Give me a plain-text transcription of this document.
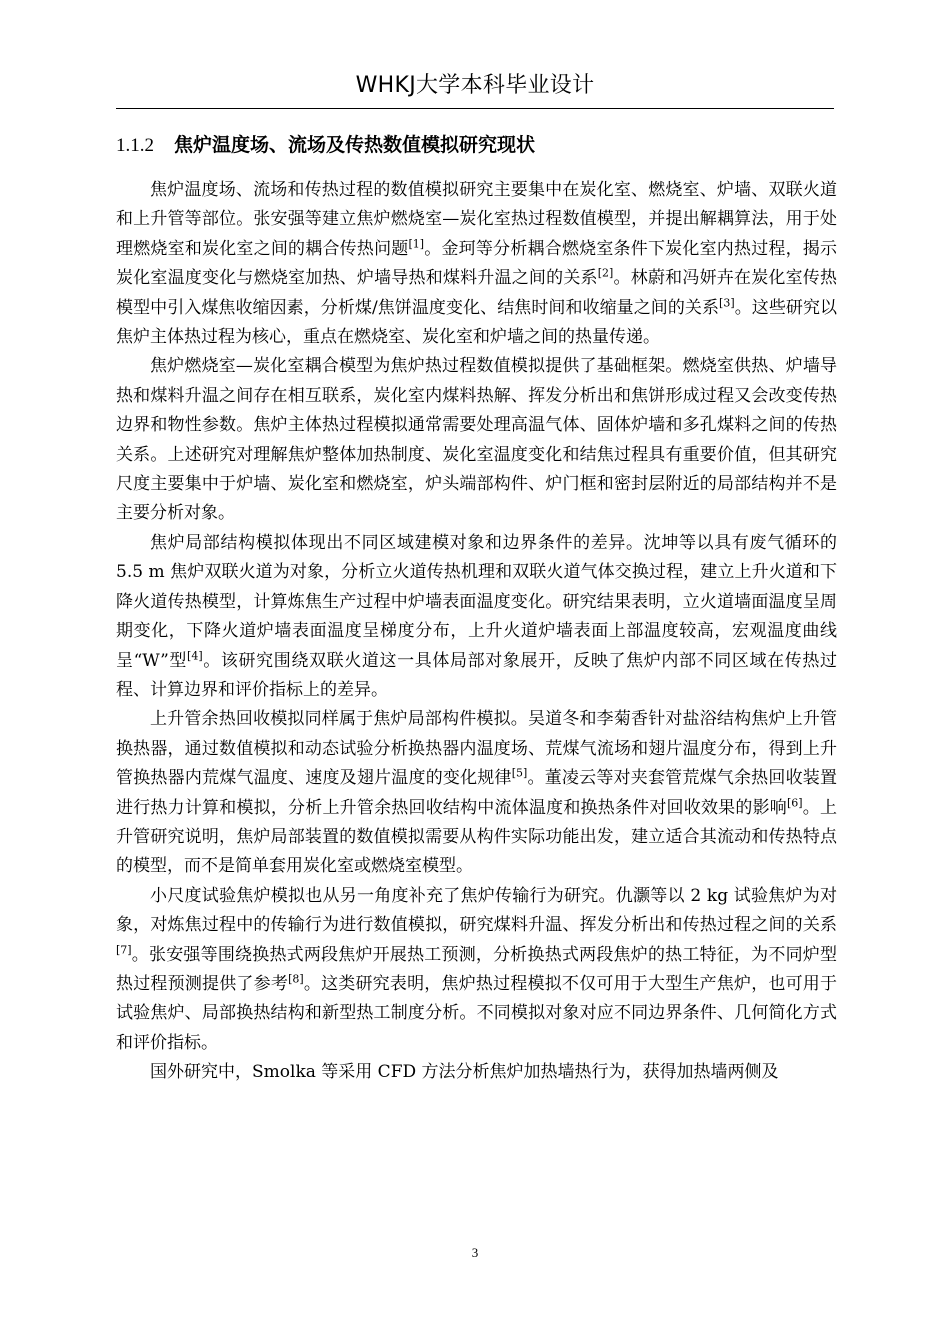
WHKJ大学本科毕业设计
1.1.2 焦炉温度场、流场及传热数值模拟研究现状

焦炉温度场、流场和传热过程的数值模拟研究主要集中在炭化室、燃烧室、炉墙、双联火道和上升管等部位。张安强等建立焦炉燃烧室—炭化室热过程数值模型，并提出解耦算法，用于处理燃烧室和炭化室之间的耦合传热问题[1]。金珂等分析耦合燃烧室条件下炭化室内热过程，揭示炭化室温度变化与燃烧室加热、炉墙导热和煤料升温之间的关系[2]。林蔚和冯妍卉在炭化室传热模型中引入煤焦收缩因素，分析煤/焦饼温度变化、结焦时间和收缩量之间的关系[3]。这些研究以焦炉主体热过程为核心，重点在燃烧室、炭化室和炉墙之间的热量传递。

焦炉燃烧室—炭化室耦合模型为焦炉热过程数值模拟提供了基础框架。燃烧室供热、炉墙导热和煤料升温之间存在相互联系，炭化室内煤料热解、挥发分析出和焦饼形成过程又会改变传热边界和物性参数。焦炉主体热过程模拟通常需要处理高温气体、固体炉墙和多孔煤料之间的传热关系。上述研究对理解焦炉整体加热制度、炭化室温度变化和结焦过程具有重要价值，但其研究尺度主要集中于炉墙、炭化室和燃烧室，炉头端部构件、炉门框和密封层附近的局部结构并不是主要分析对象。

焦炉局部结构模拟体现出不同区域建模对象和边界条件的差异。沈坤等以具有废气循环的 5.5 m 焦炉双联火道为对象，分析立火道传热机理和双联火道气体交换过程，建立上升火道和下降火道传热模型，计算炼焦生产过程中炉墙表面温度变化。研究结果表明，立火道墙面温度呈周期变化，下降火道炉墙表面温度呈梯度分布，上升火道炉墙表面上部温度较高，宏观温度曲线呈“W”型[4]。该研究围绕双联火道这一具体局部对象展开，反映了焦炉内部不同区域在传热过程、计算边界和评价指标上的差异。

上升管余热回收模拟同样属于焦炉局部构件模拟。吴道冬和李菊香针对盐浴结构焦炉上升管换热器，通过数值模拟和动态试验分析换热器内温度场、荒煤气流场和翅片温度分布，得到上升管换热器内荒煤气温度、速度及翅片温度的变化规律[5]。董凌云等对夹套管荒煤气余热回收装置进行热力计算和模拟，分析上升管余热回收结构中流体温度和换热条件对回收效果的影响[6]。上升管研究说明，焦炉局部装置的数值模拟需要从构件实际功能出发，建立适合其流动和传热特点的模型，而不是简单套用炭化室或燃烧室模型。

小尺度试验焦炉模拟也从另一角度补充了焦炉传输行为研究。仇灏等以 2 kg 试验焦炉为对象，对炼焦过程中的传输行为进行数值模拟，研究煤料升温、挥发分析出和传热过程之间的关系[7]。张安强等围绕换热式两段焦炉开展热工预测，分析换热式两段焦炉的热工特征，为不同炉型热过程预测提供了参考[8]。这类研究表明，焦炉热过程模拟不仅可用于大型生产焦炉，也可用于试验焦炉、局部换热结构和新型热工制度分析。不同模拟对象对应不同边界条件、几何简化方式和评价指标。

国外研究中，Smolka 等采用 CFD 方法分析焦炉加热墙热行为，获得加热墙两侧及

3
